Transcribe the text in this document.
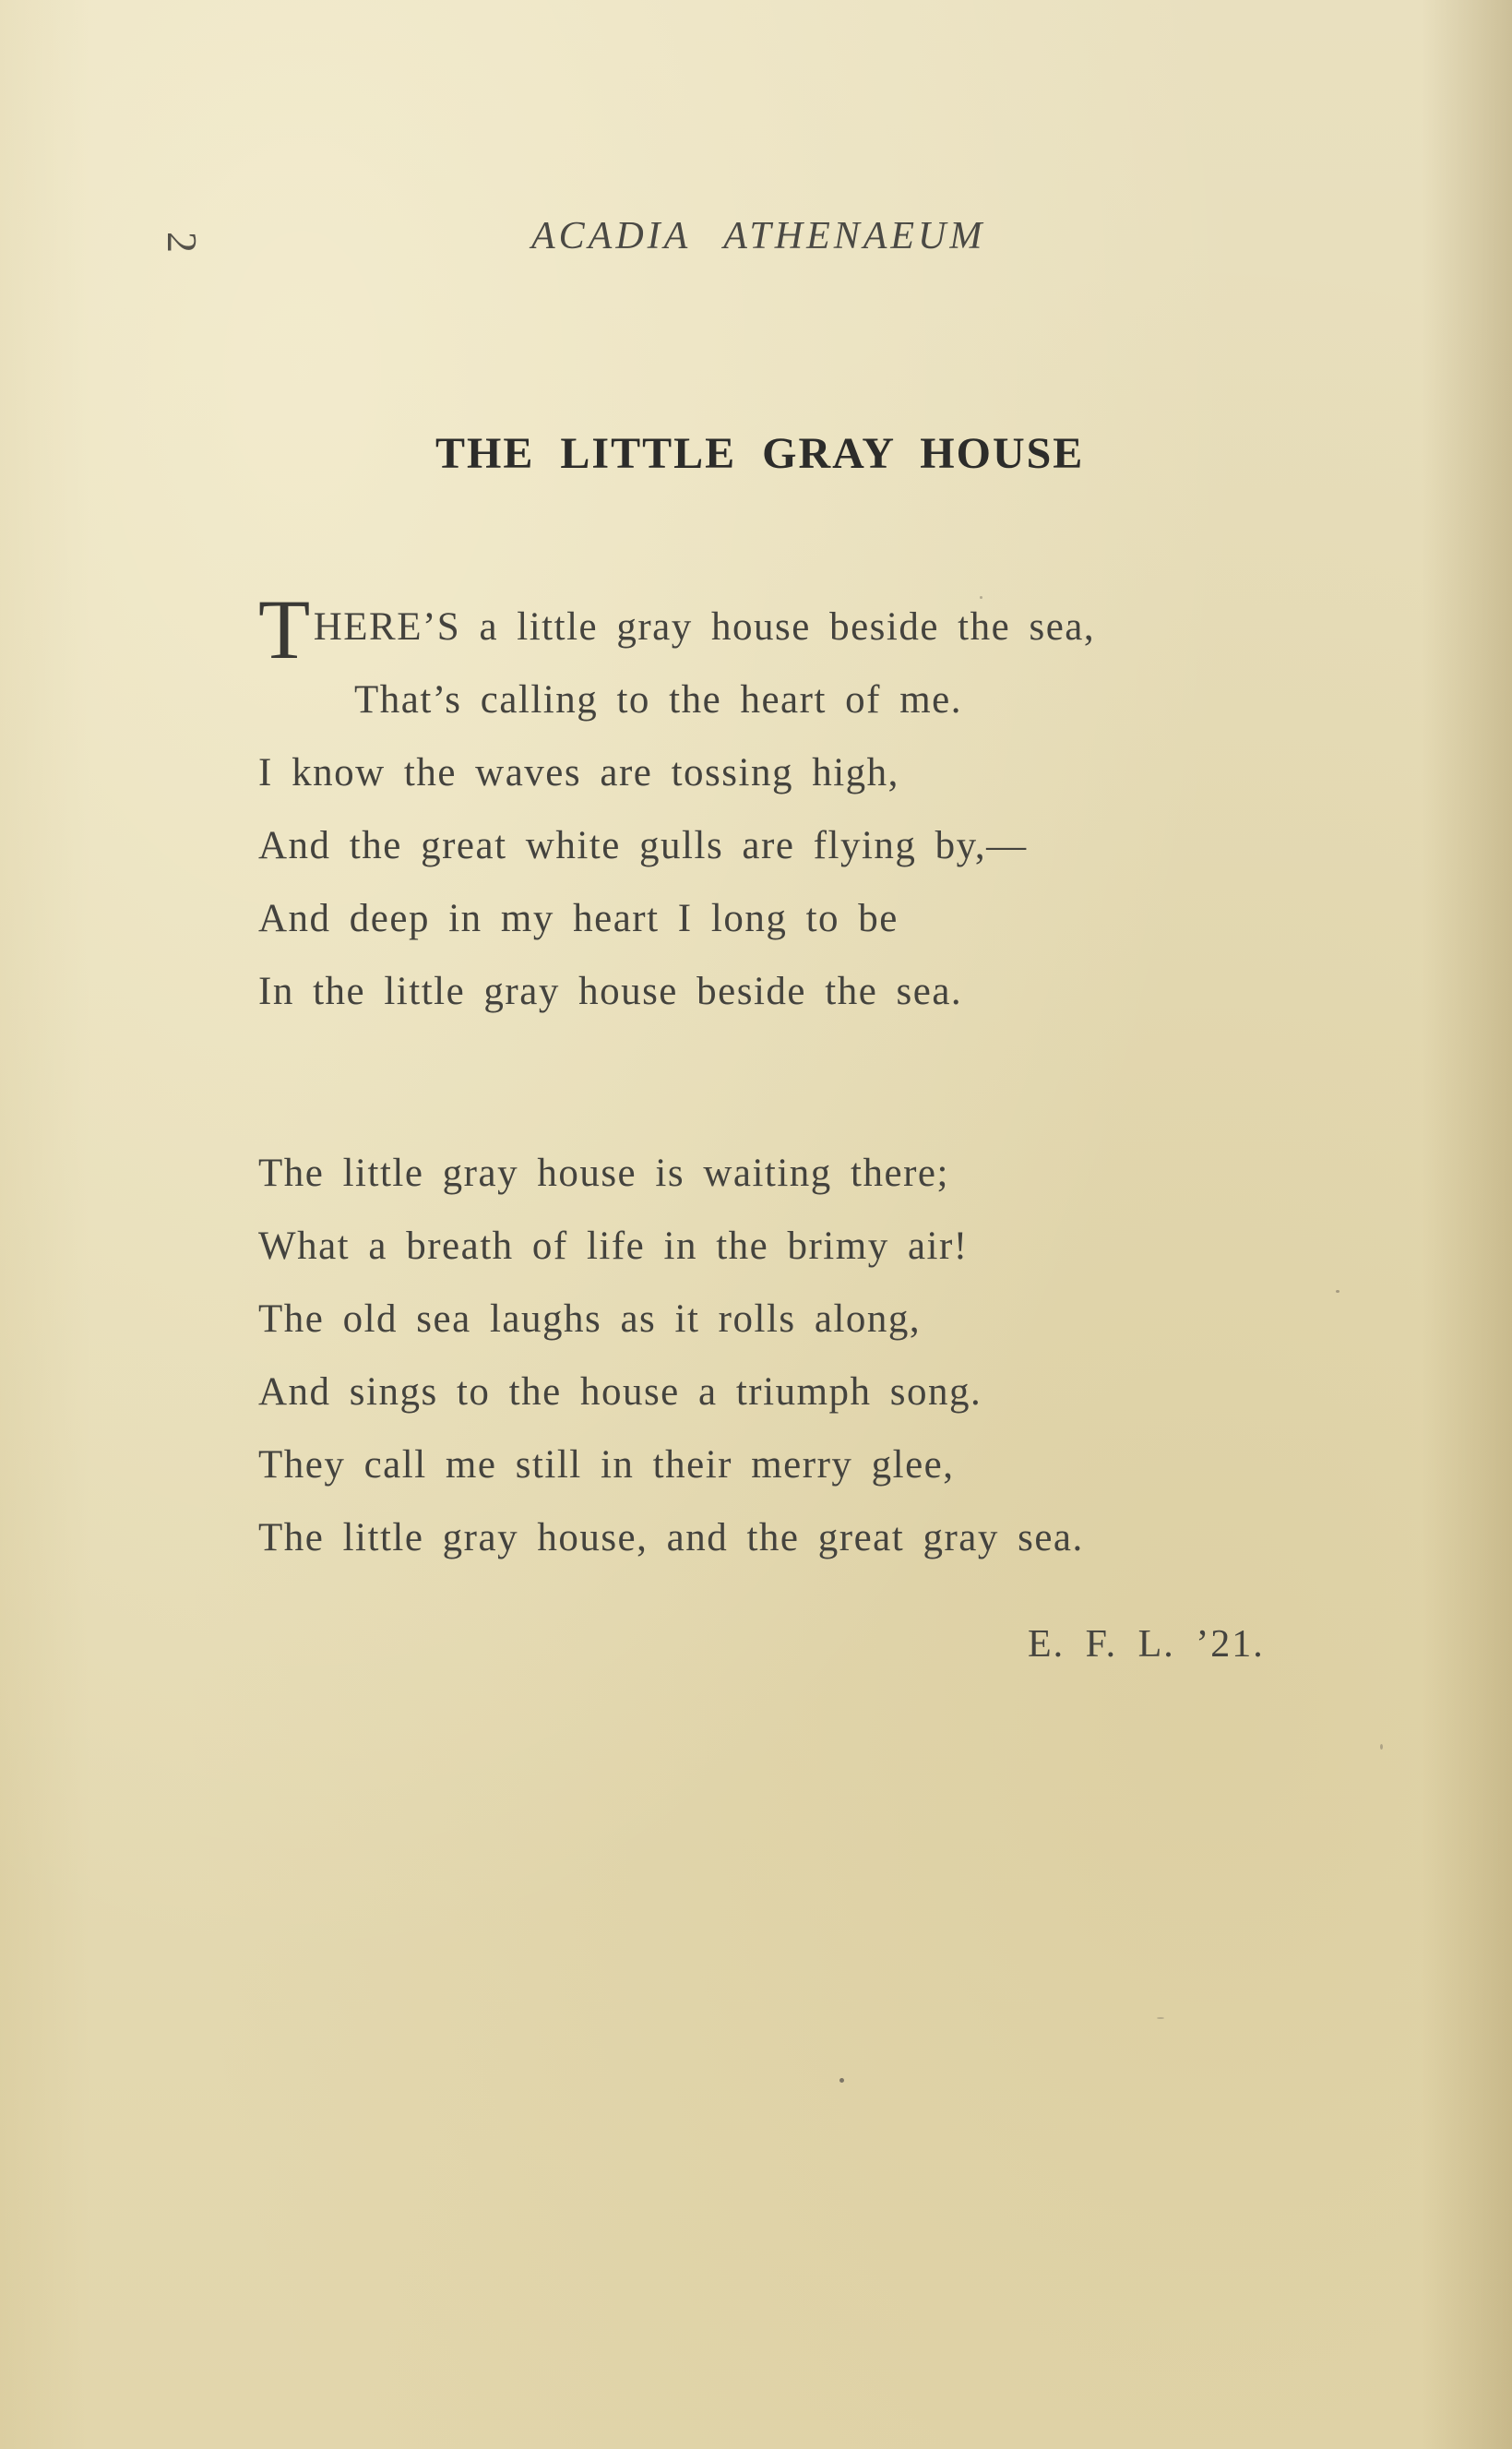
2	ACADIA ATHENAEUM
THE LITTLE GRAY HOUSE
THERE’S a little gray house beside the sea,
That’s calling to the heart of me.
I know the waves are tossing high,
And the great white gulls are flying by,—
And deep in my heart I long to be
In the little gray house beside the sea.
The little gray house is waiting there;
What a breath of life in the brimy air!
The old sea laughs as it rolls along,
And sings to the house a triumph song.
They call me still in their merry glee,
The little gray house, and the great gray sea.
E. F. L. ’21.
